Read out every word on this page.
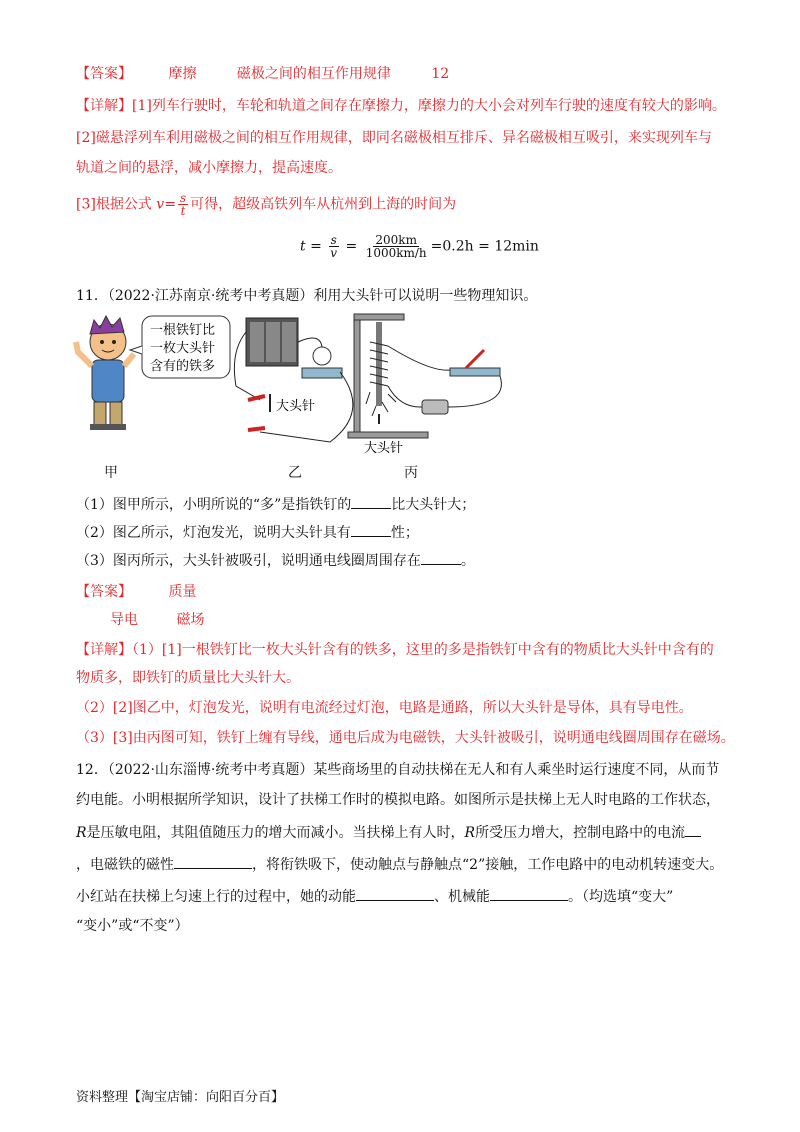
【答案】	摩擦	磁极之间的相互作用规律	12
【详解】[1]列车行驶时，车轮和轨道之间存在摩擦力，摩擦力的大小会对列车行驶的速度有较大的影响。
[2]磁悬浮列车利用磁极之间的相互作用规律，即同名磁极相互排斥、异名磁极相互吸引，来实现列车与
轨道之间的悬浮，减小摩擦力，提高速度。
[3]根据公式 $v= \frac{s}{t}$ 可得，超级高铁列车从杭州到上海的时间为
$t = \frac{s}{v} = \frac{200km}{1000km/h} =0.2h = 12\min$
11．（2022·江苏南京·统考中考真题）利用大头针可以说明一些物理知识。
一根铁钉比
一枚大头针
含有的铁多
大头针
大头针
甲	乙	丙
（1）图甲所示，小明所说的“多”是指铁钉的	比大头针大；
（2）图乙所示，灯泡发光，说明大头针具有	性；
（3）图丙所示，大头针被吸引，说明通电线圈周围存在	。
【答案】	质量
导电	磁场
【详解】（1）[1]一根铁钉比一枚大头针含有的铁多，这里的多是指铁钉中含有的物质比大头针中含有的
物质多，即铁钉的质量比大头针大。
（2）[2]图乙中，灯泡发光，说明有电流经过灯泡，电路是通路，所以大头针是导体，具有导电性。
（3）[3]由丙图可知，铁钉上缠有导线，通电后成为电磁铁，大头针被吸引，说明通电线圈周围存在磁场。
12．（2022·山东淄博·统考中考真题）某些商场里的自动扶梯在无人和有人乘坐时运行速度不同，从而节
约电能。小明根据所学知识，设计了扶梯工作时的模拟电路。如图所示是扶梯上无人时电路的工作状态，
R是压敏电阻，其阻值随压力的增大而减小。当扶梯上有人时，R所受压力增大，控制电路中的电流
，电磁铁的磁性	，将衔铁吸下，使动触点与静触点“2”接触，工作电路中的电动机转速变大。
小红站在扶梯上匀速上行的过程中，她的动能	、机械能	。（均选填“变大”
“变小”或“不变”）
资料整理【淘宝店铺：向阳百分百】
